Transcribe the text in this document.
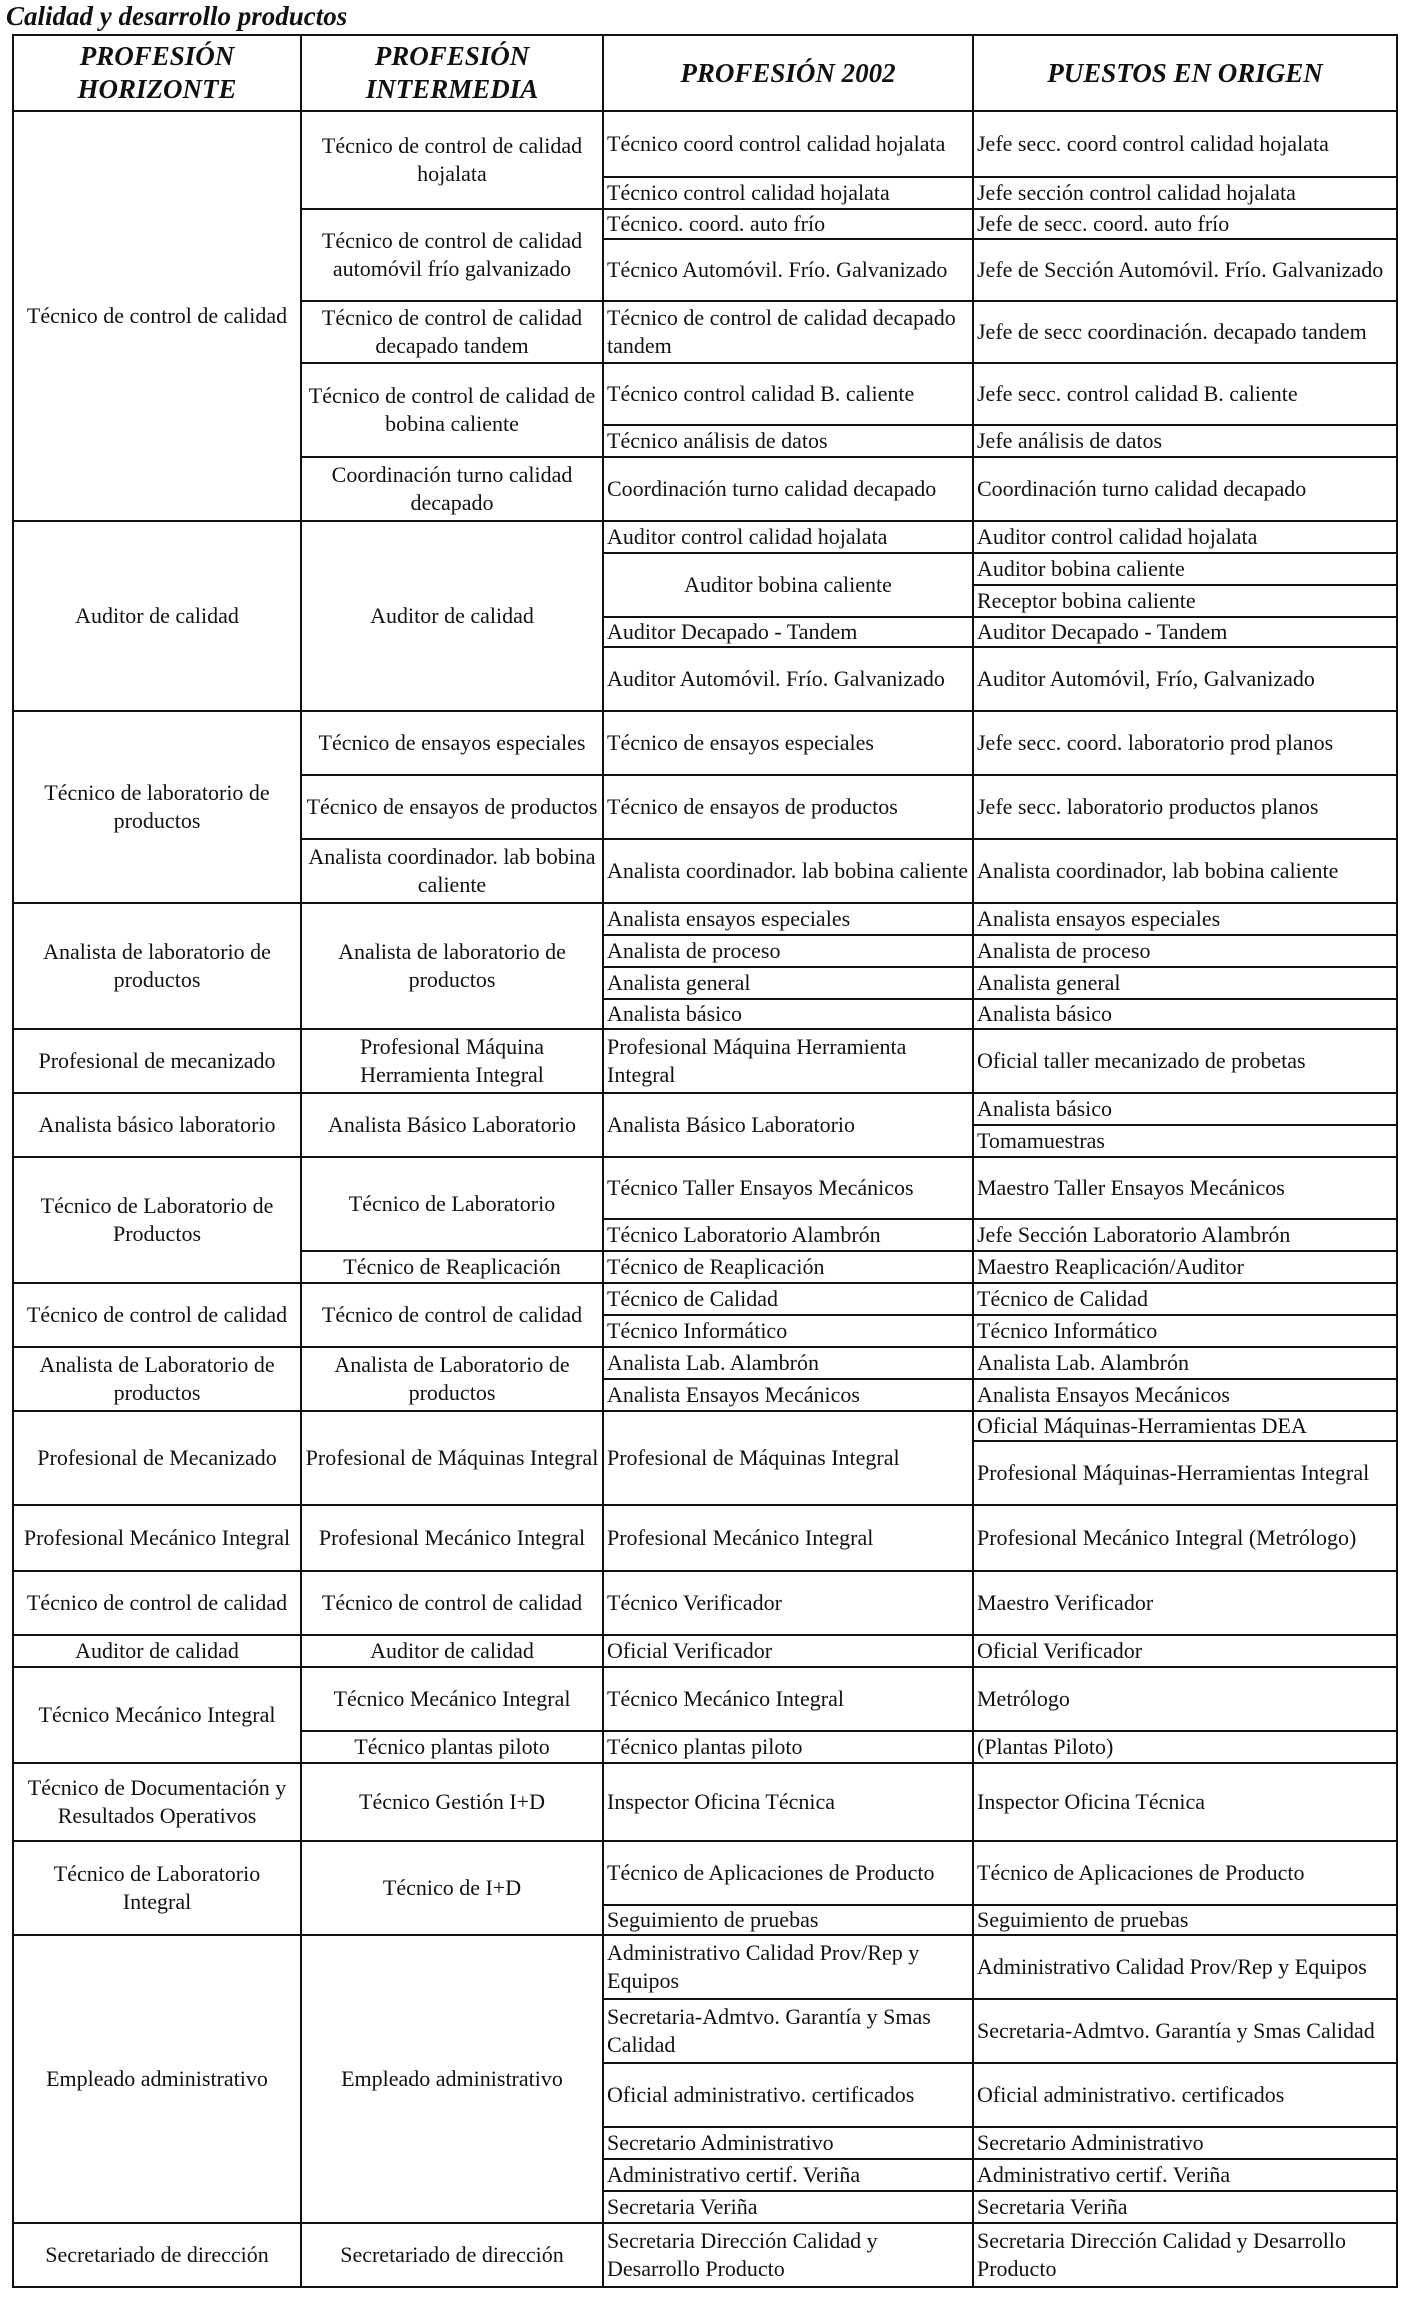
Calidad y desarrollo productos
PROFESIÓN HORIZONTE	PROFESIÓN INTERMEDIA	PROFESIÓN 2002	PUESTOS EN ORIGEN
Técnico de control de calidad	Técnico de control de calidad hojalata	Técnico coord control calidad hojalata	Jefe secc. coord control calidad hojalata
		Técnico control calidad hojalata	Jefe sección control calidad hojalata
	Técnico de control de calidad automóvil frío galvanizado	Técnico. coord. auto frío	Jefe de secc. coord. auto frío
		Técnico Automóvil. Frío. Galvanizado	Jefe de Sección Automóvil. Frío. Galvanizado
	Técnico de control de calidad decapado tandem	Técnico de control de calidad decapado tandem	Jefe de secc coordinación. decapado tandem
	Técnico de control de calidad de bobina caliente	Técnico control calidad B. caliente	Jefe secc. control calidad B. caliente
		Técnico análisis de datos	Jefe análisis de datos
	Coordinación turno calidad decapado	Coordinación turno calidad decapado	Coordinación turno calidad decapado

Auditor de calidad	Auditor de calidad	Auditor control calidad hojalata	Auditor control calidad hojalata
		Auditor bobina caliente	Auditor bobina caliente
			Receptor bobina caliente
		Auditor Decapado - Tandem	Auditor Decapado - Tandem
		Auditor Automóvil. Frío. Galvanizado	Auditor Automóvil, Frío, Galvanizado

Técnico de laboratorio de productos	Técnico de ensayos especiales	Técnico de ensayos especiales	Jefe secc. coord. laboratorio prod planos
	Técnico de ensayos de productos	Técnico de ensayos de productos	Jefe secc. laboratorio productos planos
	Analista coordinador. lab bobina caliente	Analista coordinador. lab bobina caliente	Analista coordinador, lab bobina caliente
Analista de laboratorio de productos	Analista de laboratorio de productos	Analista ensayos especiales	Analista ensayos especiales
		Analista de proceso	Analista de proceso
		Analista general	Analista general
		Analista básico	Analista básico
Profesional de mecanizado	Profesional Máquina Herramienta Integral	Profesional Máquina Herramienta Integral	Oficial taller mecanizado de probetas
Analista básico laboratorio	Analista Básico Laboratorio	Analista Básico Laboratorio	Analista básico
			Tomamuestras
Técnico de Laboratorio de Productos	Técnico de Laboratorio	Técnico Taller Ensayos Mecánicos	Maestro Taller Ensayos Mecánicos
		Técnico Laboratorio Alambrón	Jefe Sección Laboratorio Alambrón
	Técnico de Reaplicación	Técnico de Reaplicación	Maestro Reaplicación/Auditor
Técnico de control de calidad	Técnico de control de calidad	Técnico de Calidad	Técnico de Calidad
		Técnico Informático	Técnico Informático
Analista de Laboratorio de productos	Analista de Laboratorio de productos	Analista Lab. Alambrón	Analista Lab. Alambrón
		Analista Ensayos Mecánicos	Analista Ensayos Mecánicos
Profesional de Mecanizado	Profesional de Máquinas Integral	Profesional de Máquinas Integral	Oficial Máquinas-Herramientas DEA
			Profesional Máquinas-Herramientas Integral
Profesional Mecánico Integral	Profesional Mecánico Integral	Profesional Mecánico Integral	Profesional Mecánico Integral (Metrólogo)
Técnico de control de calidad	Técnico de control de calidad	Técnico Verificador	Maestro Verificador
Auditor de calidad	Auditor de calidad	Oficial Verificador	Oficial Verificador
Técnico Mecánico Integral	Técnico Mecánico Integral	Técnico Mecánico Integral	Metrólogo
	Técnico plantas piloto	Técnico plantas piloto	(Plantas Piloto)
Técnico de Documentación y Resultados Operativos	Técnico Gestión I+D	Inspector Oficina Técnica	Inspector Oficina Técnica
Técnico de Laboratorio Integral	Técnico de I+D	Técnico de Aplicaciones de Producto	Técnico de Aplicaciones de Producto
		Seguimiento de pruebas	Seguimiento de pruebas
Empleado administrativo	Empleado administrativo	Administrativo Calidad Prov/Rep y Equipos	Administrativo Calidad Prov/Rep y Equipos
		Secretaria-Admtvo. Garantía y Smas Calidad	Secretaria-Admtvo. Garantía y Smas Calidad
		Oficial administrativo. certificados	Oficial administrativo. certificados
		Secretario Administrativo	Secretario Administrativo
		Administrativo certif. Veriña	Administrativo certif. Veriña
		Secretaria Veriña	Secretaria Veriña
Secretariado de dirección	Secretariado de dirección	Secretaria Dirección Calidad y Desarrollo Producto	Secretaria Dirección Calidad y Desarrollo Producto
